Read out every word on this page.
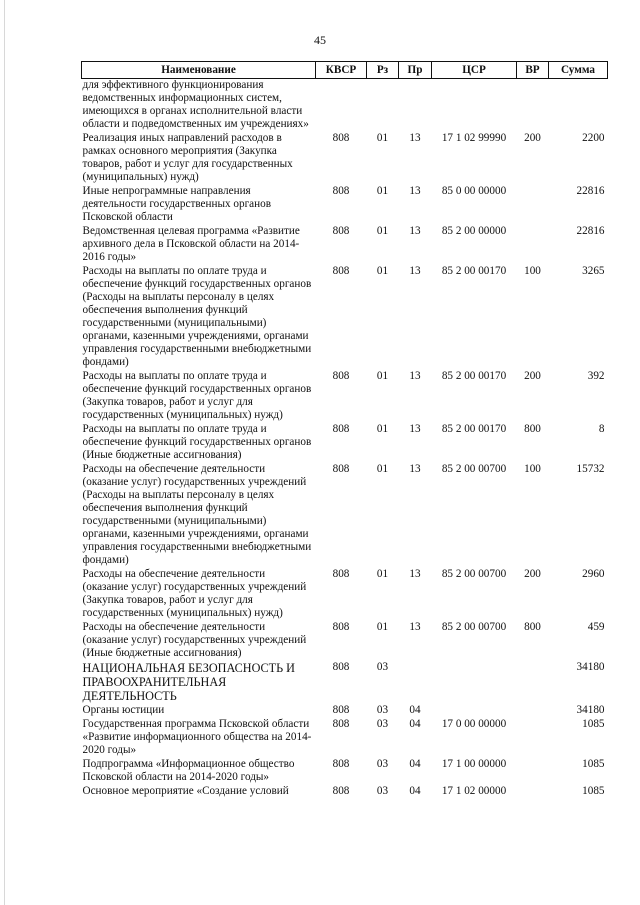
45
Наименование	КВСР	Рз	Пр	ЦСР	ВР	Сумма
для эффективного функционирования ведомственных информационных систем, имеющихся в органах исполнительной власти области и подведомственных им учреждениях»						
Реализация иных направлений расходов в рамках основного мероприятия (Закупка товаров, работ и услуг для государственных (муниципальных) нужд)	808	01	13	17 1 02 99990	200	2200
Иные непрограммные направления деятельности государственных органов Псковской области	808	01	13	85 0 00 00000		22816
Ведомственная целевая программа «Развитие архивного дела в Псковской области на 2014-2016 годы»	808	01	13	85 2 00 00000		22816
Расходы на выплаты по оплате труда и обеспечение функций государственных органов (Расходы на выплаты персоналу в целях обеспечения выполнения функций государственными (муниципальными) органами, казенными учреждениями, органами управления государственными внебюджетными фондами)	808	01	13	85 2 00 00170	100	3265
Расходы на выплаты по оплате труда и обеспечение функций государственных органов (Закупка товаров, работ и услуг для государственных (муниципальных) нужд)	808	01	13	85 2 00 00170	200	392
Расходы на выплаты по оплате труда и обеспечение функций государственных органов (Иные бюджетные ассигнования)	808	01	13	85 2 00 00170	800	8
Расходы на обеспечение деятельности (оказание услуг) государственных учреждений (Расходы на выплаты персоналу в целях обеспечения выполнения функций государственными (муниципальными) органами, казенными учреждениями, органами управления государственными внебюджетными фондами)	808	01	13	85 2 00 00700	100	15732
Расходы на обеспечение деятельности (оказание услуг) государственных учреждений (Закупка товаров, работ и услуг для государственных (муниципальных) нужд)	808	01	13	85 2 00 00700	200	2960
Расходы на обеспечение деятельности (оказание услуг) государственных учреждений (Иные бюджетные ассигнования)	808	01	13	85 2 00 00700	800	459
НАЦИОНАЛЬНАЯ БЕЗОПАСНОСТЬ И ПРАВООХРАНИТЕЛЬНАЯ ДЕЯТЕЛЬНОСТЬ	808	03				34180
Органы юстиции	808	03	04			34180
Государственная программа Псковской области «Развитие информационного общества на 2014-2020 годы»	808	03	04	17 0 00 00000		1085
Подпрограмма «Информационное общество Псковской области на 2014-2020 годы»	808	03	04	17 1 00 00000		1085
Основное мероприятие «Создание условий	808	03	04	17 1 02 00000		1085
